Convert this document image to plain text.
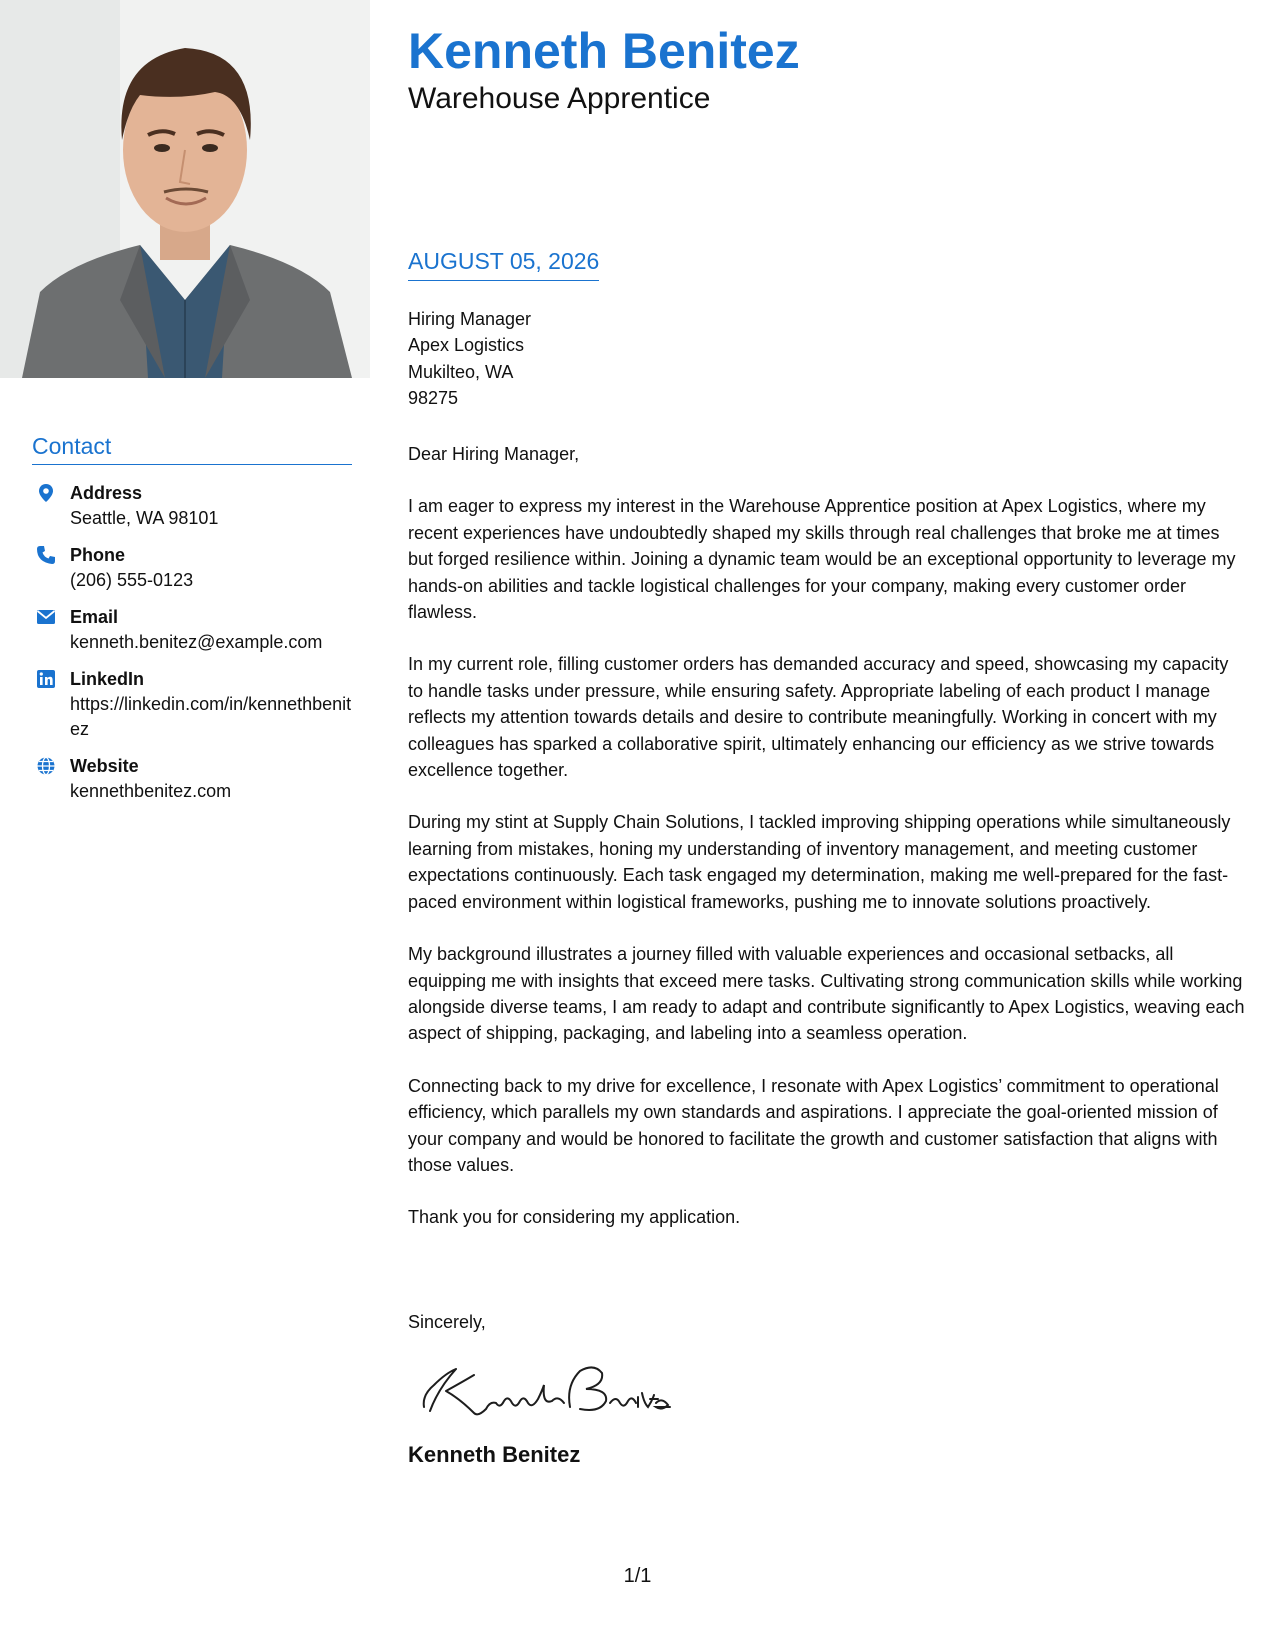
Contact
Address
Seattle, WA 98101
Phone
(206) 555-0123
Email
kenneth.benitez@example.com
LinkedIn
https://linkedin.com/in/kennethbenitez
Website
kennethbenitez.com
Kenneth Benitez
Warehouse Apprentice
AUGUST 05, 2026
Hiring Manager
Apex Logistics
Mukilteo, WA
98275

Dear Hiring Manager,

I am eager to express my interest in the Warehouse Apprentice position at Apex Logistics, where my recent experiences have undoubtedly shaped my skills through real challenges that broke me at times but forged resilience within. Joining a dynamic team would be an exceptional opportunity to leverage my hands-on abilities and tackle logistical challenges for your company, making every customer order flawless.

In my current role, filling customer orders has demanded accuracy and speed, showcasing my capacity to handle tasks under pressure, while ensuring safety. Appropriate labeling of each product I manage reflects my attention towards details and desire to contribute meaningfully. Working in concert with my colleagues has sparked a collaborative spirit, ultimately enhancing our efficiency as we strive towards excellence together.

During my stint at Supply Chain Solutions, I tackled improving shipping operations while simultaneously learning from mistakes, honing my understanding of inventory management, and meeting customer expectations continuously. Each task engaged my determination, making me well-prepared for the fast-paced environment within logistical frameworks, pushing me to innovate solutions proactively.

My background illustrates a journey filled with valuable experiences and occasional setbacks, all equipping me with insights that exceed mere tasks. Cultivating strong communication skills while working alongside diverse teams, I am ready to adapt and contribute significantly to Apex Logistics, weaving each aspect of shipping, packaging, and labeling into a seamless operation.

Connecting back to my drive for excellence, I resonate with Apex Logistics’ commitment to operational efficiency, which parallels my own standards and aspirations. I appreciate the goal-oriented mission of your company and would be honored to facilitate the growth and customer satisfaction that aligns with those values.

Thank you for considering my application.

Sincerely,
Kenneth Benitez
1/1
